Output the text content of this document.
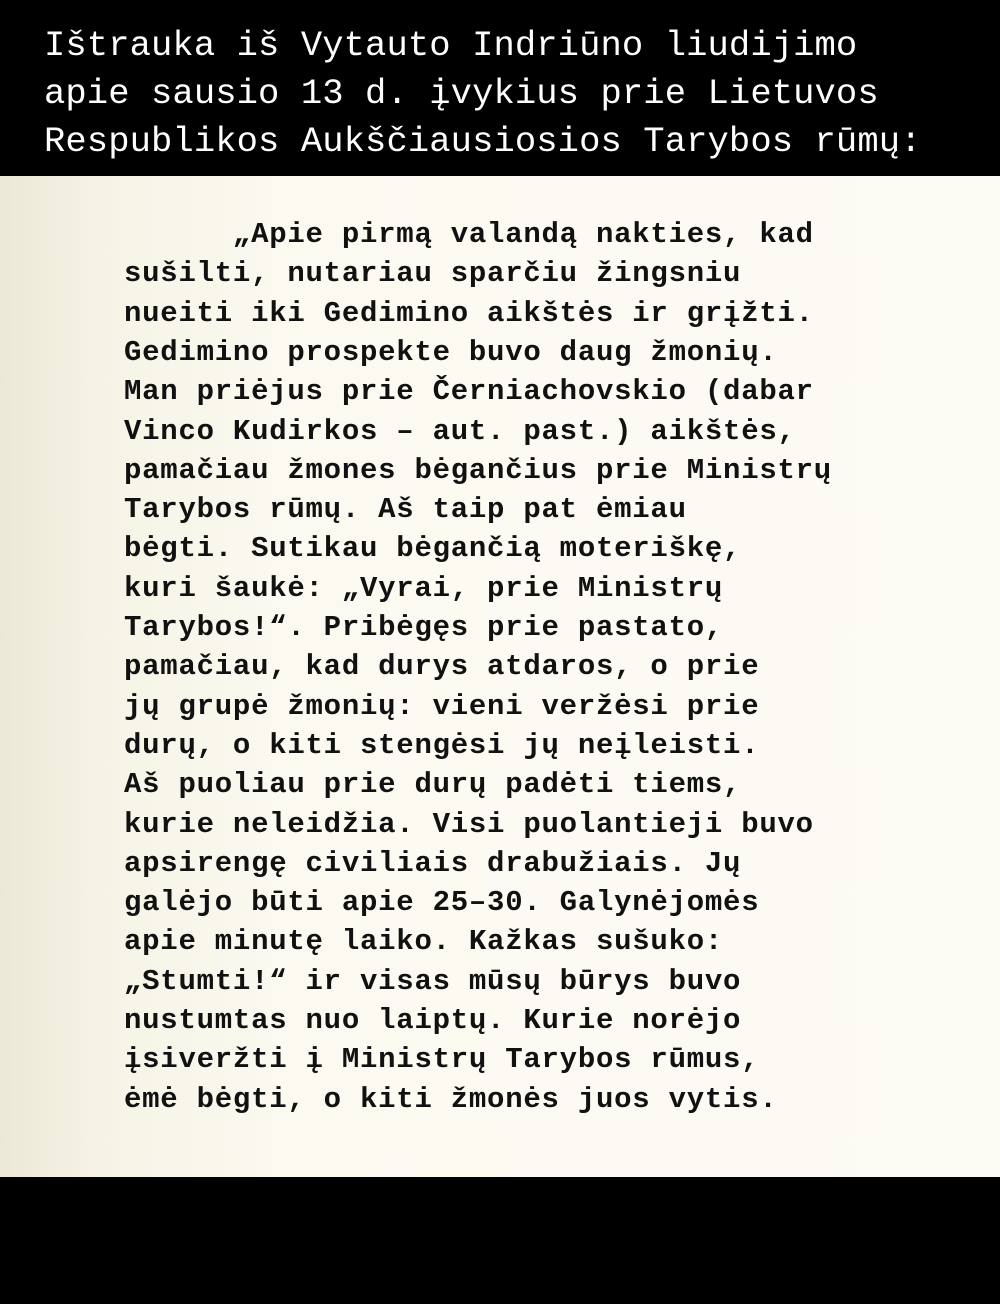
Ištrauka iš Vytauto Indriūno liudijimo
apie sausio 13 d. įvykius prie Lietuvos
Respublikos Aukščiausiosios Tarybos rūmų:
„Apie pirmą valandą nakties, kad
sušilti, nutariau sparčiu žingsniu
nueiti iki Gedimino aikštės ir grįžti.
Gedimino prospekte buvo daug žmonių.
Man priėjus prie Černiachovskio (dabar
Vinco Kudirkos – aut. past.) aikštės,
pamačiau žmones bėgančius prie Ministrų
Tarybos rūmų. Aš taip pat ėmiau
bėgti. Sutikau bėgančią moteriškę,
kuri šaukė: „Vyrai, prie Ministrų
Tarybos!“. Pribėgęs prie pastato,
pamačiau, kad durys atdaros, o prie
jų grupė žmonių: vieni veržėsi prie
durų, o kiti stengėsi jų neįleisti.
Aš puoliau prie durų padėti tiems,
kurie neleidžia. Visi puolantieji buvo
apsirengę civiliais drabužiais. Jų
galėjo būti apie 25–30. Galynėjomės
apie minutę laiko. Kažkas sušuko:
„Stumti!“ ir visas mūsų būrys buvo
nustumtas nuo laiptų. Kurie norėjo
įsiveržti į Ministrų Tarybos rūmus,
ėmė bėgti, o kiti žmonės juos vytis.
